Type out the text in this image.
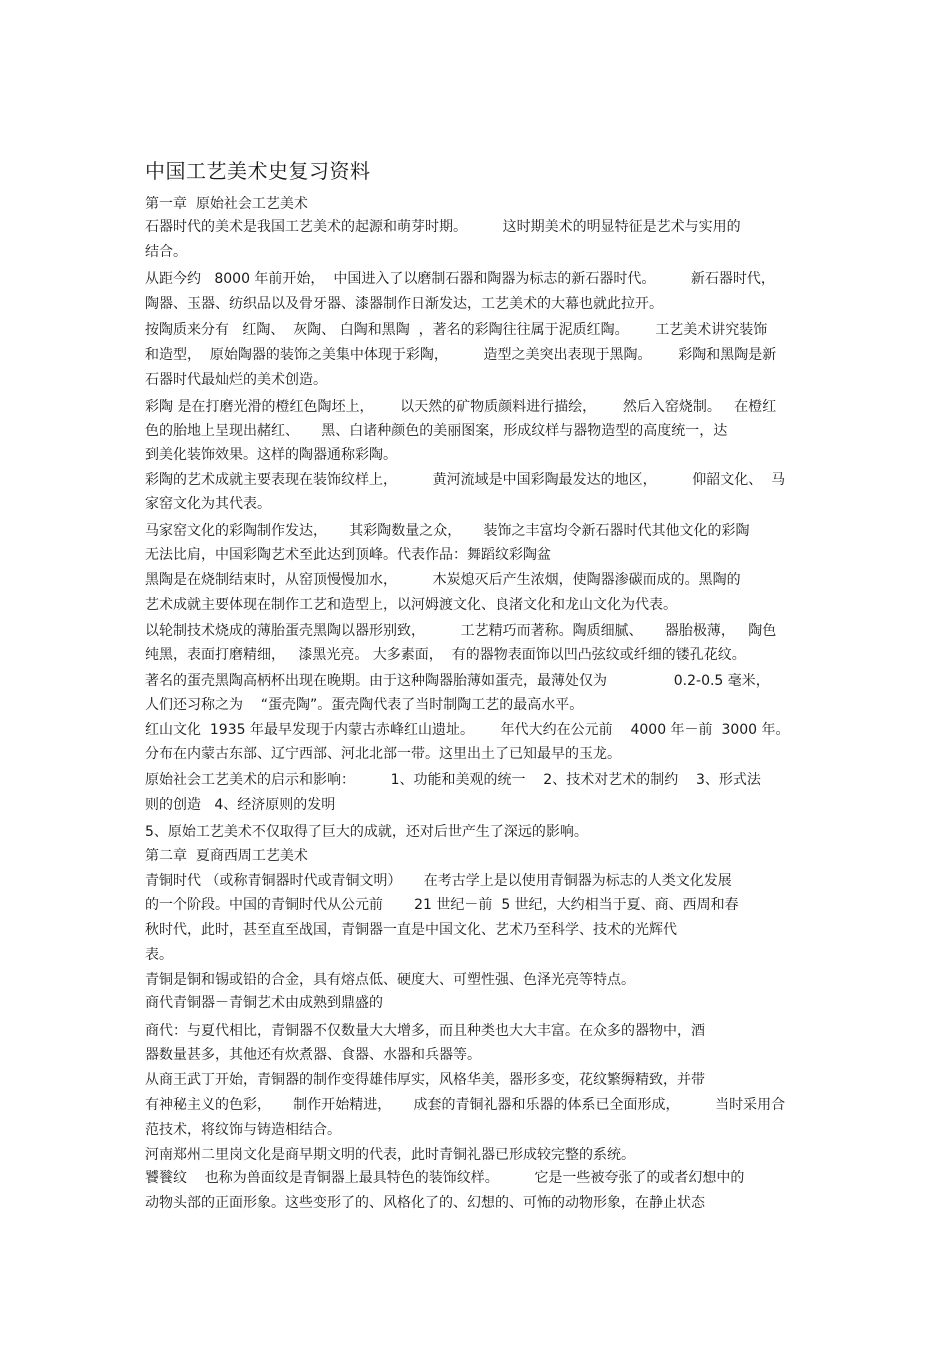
中国工艺美术史复习资料
第一章  原始社会工艺美术
石器时代的美术是我国工艺美术的起源和萌芽时期。        这时期美术的明显特征是艺术与实用的
结合。
从距今约   8000 年前开始，  中国进入了以磨制石器和陶器为标志的新石器时代。        新石器时代，
陶器、玉器、纺织品以及骨牙器、漆器制作日渐发达，工艺美术的大幕也就此拉开。
按陶质来分有   红陶、  灰陶、 白陶和黑陶  ，著名的彩陶往往属于泥质红陶。      工艺美术讲究装饰
和造型，  原始陶器的装饰之美集中体现于彩陶，        造型之美突出表现于黑陶。      彩陶和黑陶是新
石器时代最灿烂的美术创造。
彩陶 是在打磨光滑的橙红色陶坯上，      以天然的矿物质颜料进行描绘，      然后入窑烧制。   在橙红
色的胎地上呈现出赭红、     黑、白诸种颜色的美丽图案，形成纹样与器物造型的高度统一，达
到美化装饰效果。这样的陶器通称彩陶。
彩陶的艺术成就主要表现在装饰纹样上，        黄河流域是中国彩陶最发达的地区，        仰韶文化、  马
家窑文化为其代表。
马家窑文化的彩陶制作发达，     其彩陶数量之众，     装饰之丰富均令新石器时代其他文化的彩陶
无法比肩，中国彩陶艺术至此达到顶峰。代表作品：舞蹈纹彩陶盆
黑陶是在烧制结束时，从窑顶慢慢加水，        木炭熄灭后产生浓烟，使陶器渗碳而成的。黑陶的
艺术成就主要体现在制作工艺和造型上，以河姆渡文化、良渚文化和龙山文化为代表。
以轮制技术烧成的薄胎蛋壳黑陶以器形别致，        工艺精巧而著称。陶质细腻、     器胎极薄，   陶色
纯黑，表面打磨精细，   漆黑光亮。 大多素面，  有的器物表面饰以凹凸弦纹或纤细的镂孔花纹。
著名的蛋壳黑陶高柄杯出现在晚期。由于这种陶器胎薄如蛋壳，最薄处仅为               0.2-0.5 毫米，
人们还习称之为    “蛋壳陶”。蛋壳陶代表了当时制陶工艺的最高水平。
红山文化  1935 年最早发现于内蒙古赤峰红山遗址。      年代大约在公元前    4000 年－前  3000 年。
分布在内蒙古东部、辽宁西部、河北北部一带。这里出土了已知最早的玉龙。
原始社会工艺美术的启示和影响：        1、功能和美观的统一    2、技术对艺术的制约    3、形式法
则的创造   4、经济原则的发明
5、原始工艺美术不仅取得了巨大的成就，还对后世产生了深远的影响。
第二章  夏商西周工艺美术
青铜时代 （或称青铜器时代或青铜文明）     在考古学上是以使用青铜器为标志的人类文化发展
的一个阶段。中国的青铜时代从公元前       21 世纪－前  5 世纪，大约相当于夏、商、西周和春
秋时代，此时，甚至直至战国，青铜器一直是中国文化、艺术乃至科学、技术的光辉代
表。
青铜是铜和锡或铅的合金，具有熔点低、硬度大、可塑性强、色泽光亮等特点。
商代青铜器－青铜艺术由成熟到鼎盛的
商代：与夏代相比，青铜器不仅数量大大增多，而且种类也大大丰富。在众多的器物中，酒
器数量甚多，其他还有炊煮器、食器、水器和兵器等。
从商王武丁开始，青铜器的制作变得雄伟厚实，风格华美，器形多变，花纹繁缛精致，并带
有神秘主义的色彩，     制作开始精进，     成套的青铜礼器和乐器的体系已全面形成，        当时采用合
范技术，将纹饰与铸造相结合。
河南郑州二里岗文化是商早期文明的代表，此时青铜礼器已形成较完整的系统。
饕餮纹    也称为兽面纹是青铜器上最具特色的装饰纹样。        它是一些被夸张了的或者幻想中的
动物头部的正面形象。这些变形了的、风格化了的、幻想的、可怖的动物形象，在静止状态
